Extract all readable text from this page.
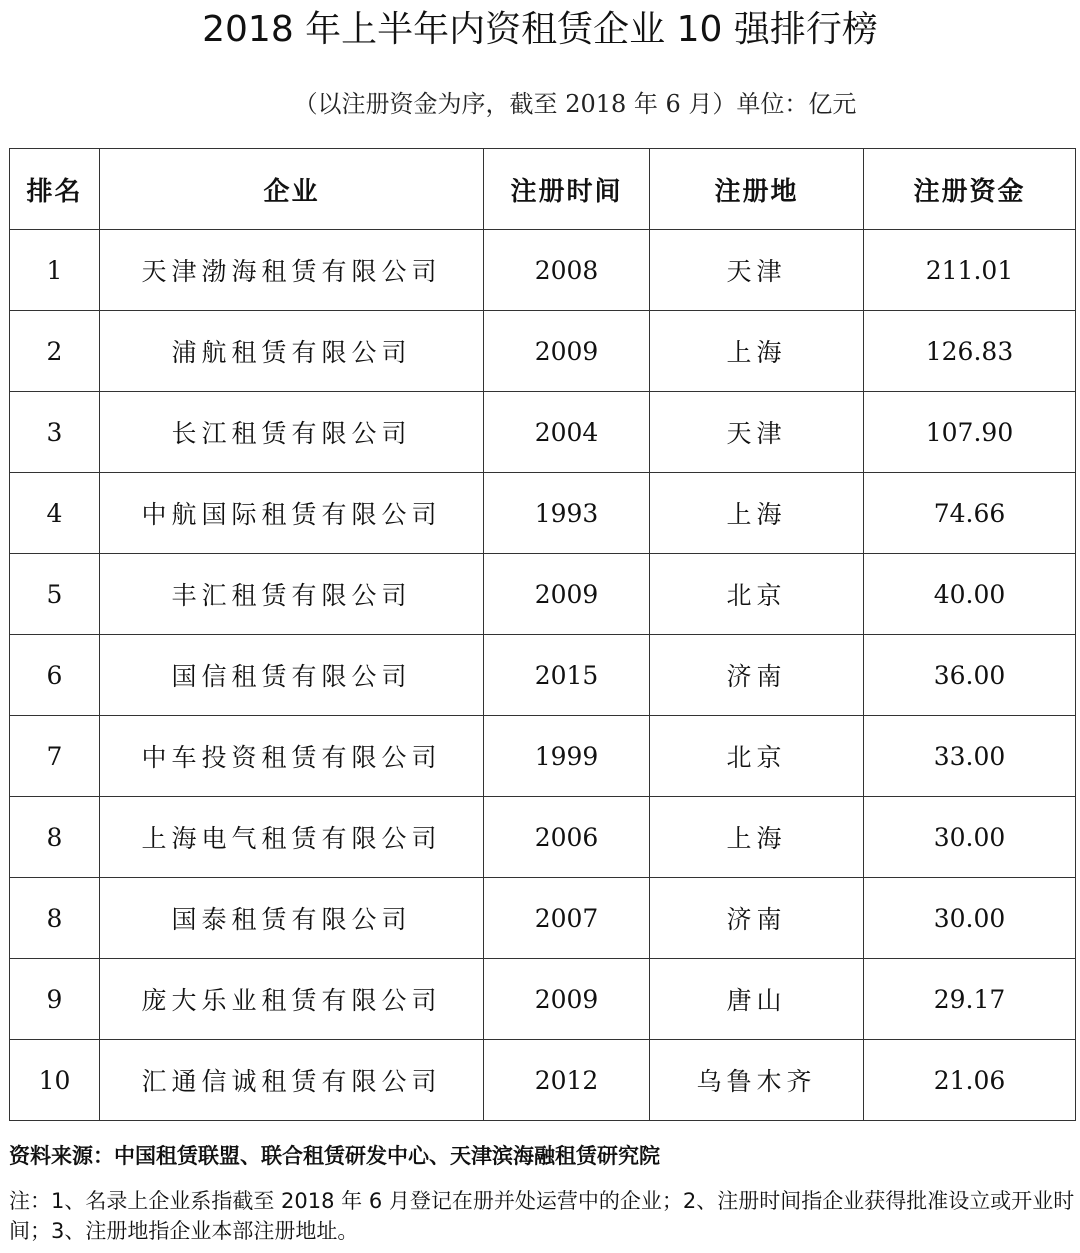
2018 年上半年内资租赁企业 10 强排行榜
（以注册资金为序，截至 2018 年 6 月）单位：亿元
排名	企业	注册时间	注册地	注册资金
1	天津渤海租赁有限公司	2008	天津	211.01
2	浦航租赁有限公司	2009	上海	126.83
3	长江租赁有限公司	2004	天津	107.90
4	中航国际租赁有限公司	1993	上海	74.66
5	丰汇租赁有限公司	2009	北京	40.00
6	国信租赁有限公司	2015	济南	36.00
7	中车投资租赁有限公司	1999	北京	33.00
8	上海电气租赁有限公司	2006	上海	30.00
8	国泰租赁有限公司	2007	济南	30.00
9	庞大乐业租赁有限公司	2009	唐山	29.17
10	汇通信诚租赁有限公司	2012	乌鲁木齐	21.06
资料来源：中国租赁联盟、联合租赁研发中心、天津滨海融租赁研究院
注：1、名录上企业系指截至 2018 年 6 月登记在册并处运营中的企业；2、注册时间指企业获得批准设立或开业时间；3、注册地指企业本部注册地址。
